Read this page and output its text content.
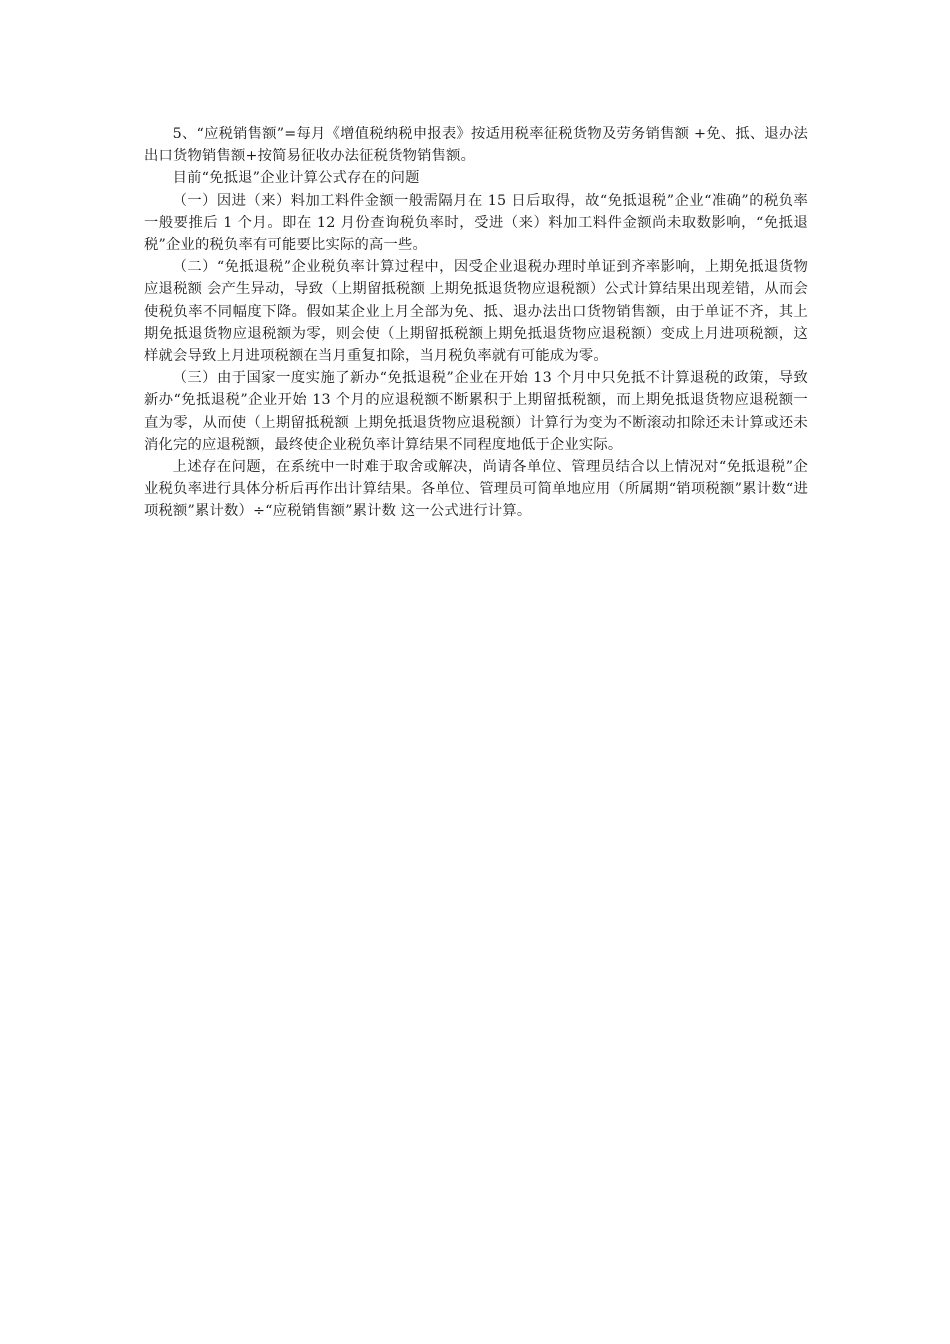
5、“应税销售额”=每月《增值税纳税申报表》按适用税率征税货物及劳务销售额 +免、抵、退办法出口货物销售额+按简易征收办法征税货物销售额。

目前“免抵退”企业计算公式存在的问题

（一）因进（来）料加工料件金额一般需隔月在 15 日后取得，故“免抵退税”企业“准确”的税负率一般要推后 1 个月。即在 12 月份查询税负率时，受进（来）料加工料件金额尚未取数影响，“免抵退税”企业的税负率有可能要比实际的高一些。

（二）“免抵退税”企业税负率计算过程中，因受企业退税办理时单证到齐率影响，上期免抵退货物应退税额 会产生异动，导致（上期留抵税额 上期免抵退货物应退税额）公式计算结果出现差错，从而会使税负率不同幅度下降。假如某企业上月全部为免、抵、退办法出口货物销售额，由于单证不齐，其上期免抵退货物应退税额为零，则会使（上期留抵税额上期免抵退货物应退税额）变成上月进项税额，这样就会导致上月进项税额在当月重复扣除，当月税负率就有可能成为零。

（三）由于国家一度实施了新办“免抵退税”企业在开始 13 个月中只免抵不计算退税的政策，导致新办“免抵退税”企业开始 13 个月的应退税额不断累积于上期留抵税额，而上期免抵退货物应退税额一直为零，从而使（上期留抵税额 上期免抵退货物应退税额）计算行为变为不断滚动扣除还未计算或还未消化完的应退税额，最终使企业税负率计算结果不同程度地低于企业实际。

上述存在问题，在系统中一时难于取舍或解决，尚请各单位、管理员结合以上情况对“免抵退税”企业税负率进行具体分析后再作出计算结果。各单位、管理员可简单地应用（所属期“销项税额”累计数“进项税额”累计数）÷“应税销售额”累计数 这一公式进行计算。
